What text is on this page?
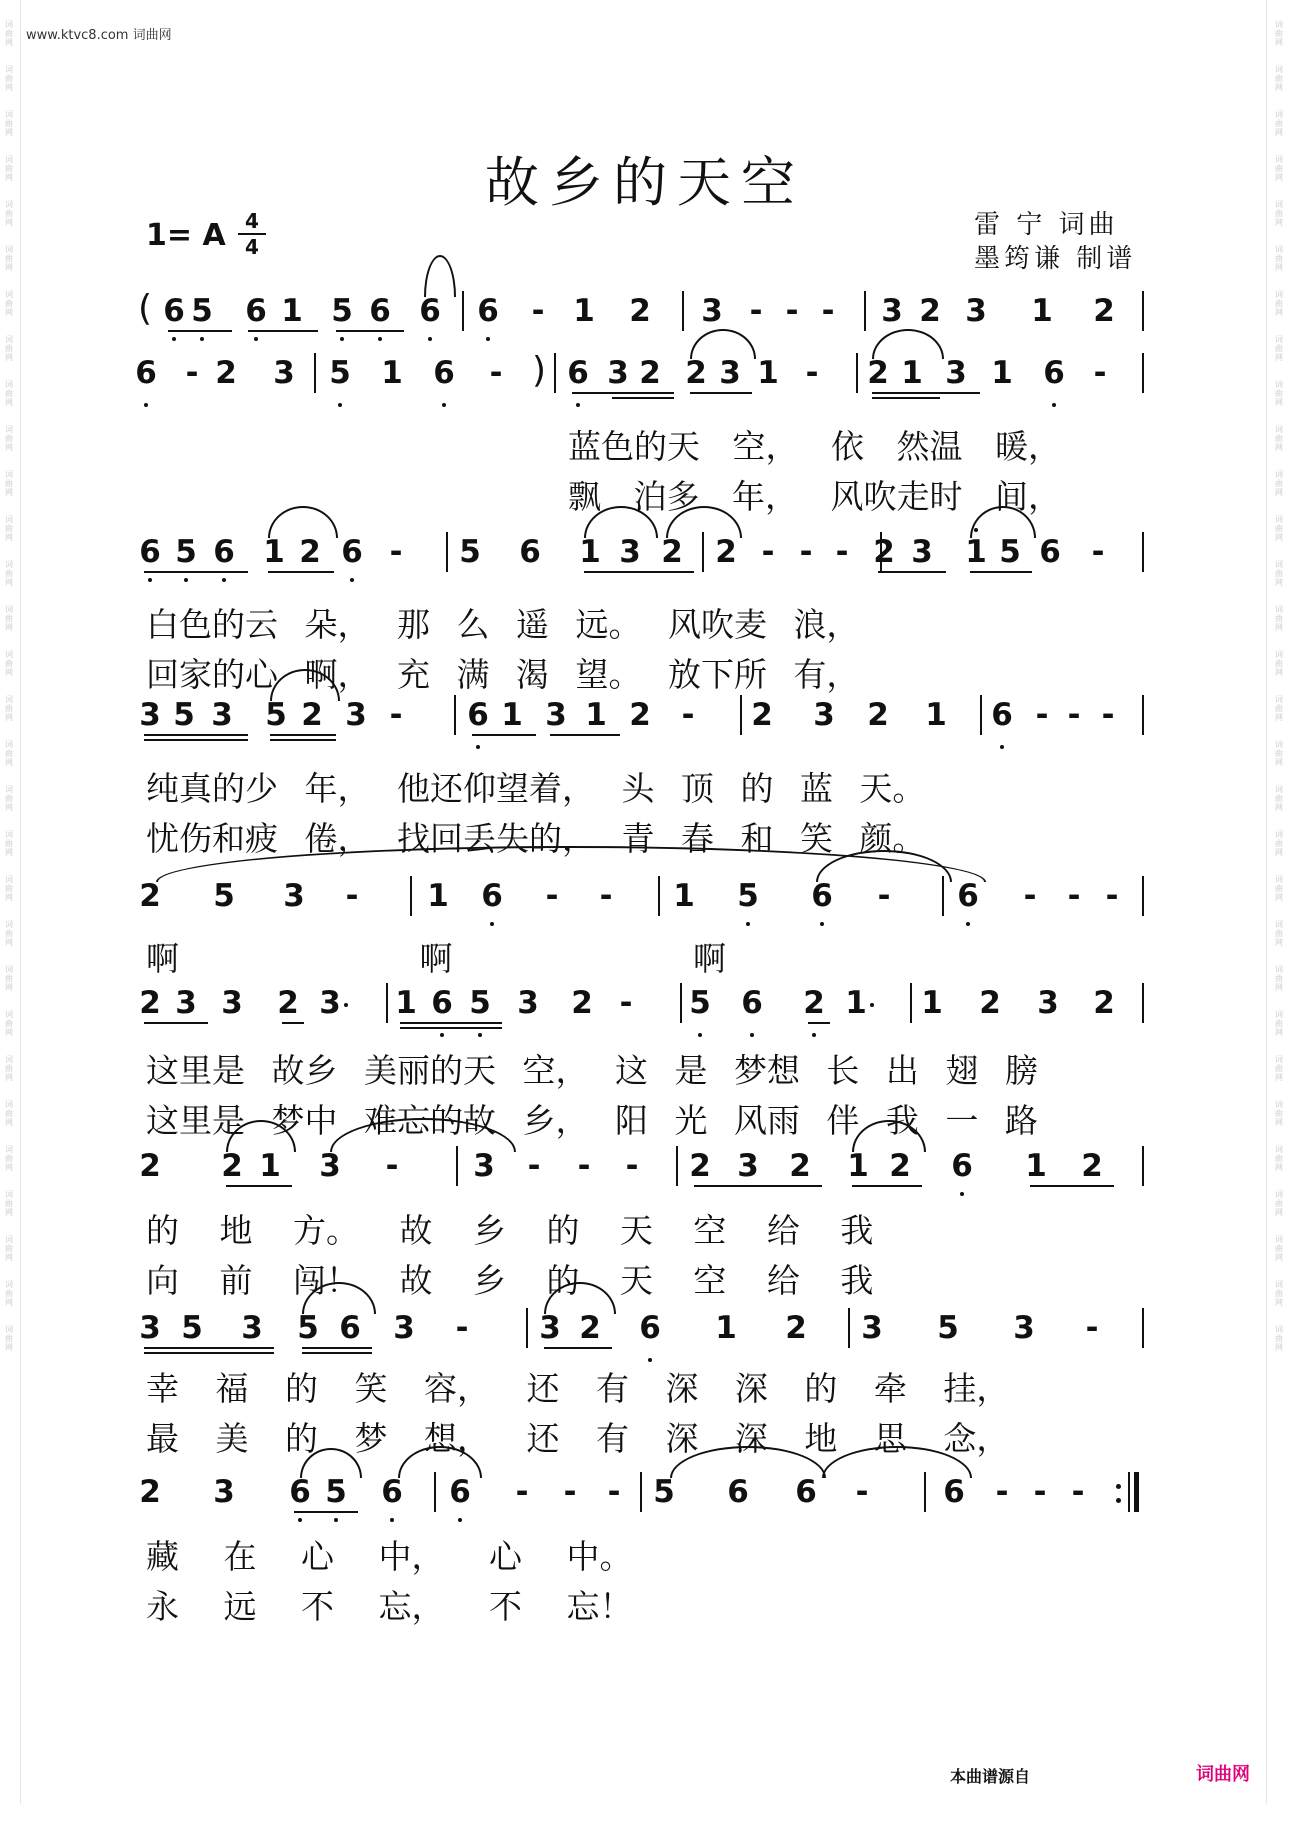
词曲网
词曲网
词曲网
词曲网
词曲网
词曲网
词曲网
词曲网
词曲网
词曲网
词曲网
词曲网
词曲网
词曲网
词曲网
词曲网
词曲网
词曲网
词曲网
词曲网
词曲网
词曲网
词曲网
词曲网
词曲网
词曲网
词曲网
词曲网
词曲网
词曲网
词曲网
词曲网
词曲网
词曲网
词曲网
词曲网
词曲网
词曲网
词曲网
词曲网
词曲网
词曲网
词曲网
词曲网
词曲网
词曲网
词曲网
词曲网
词曲网
词曲网
词曲网
词曲网
词曲网
词曲网
词曲网
词曲网
词曲网
词曲网
词曲网
词曲网
www.ktvc8.com 词曲网
故乡的天空
1= A 4
4
雷 宁 词曲
墨筠谦 制谱
( 6 5 6 1 5 6 6 6 - 1 2 3 - - - 3 2 3 1 2
6 - 2 3 5 1 6 - ) 6 3 2 2 3 1 - 2 1 3 1 6 -
6 5 6 1 2 6 - 5 6 1 3 2 2 - - - 2 3 1 5 6 -
3 5 3 5 2 3 - 6 1 3 1 2 - 2 3 2 1 6 - - -
2 5 3 - 1 6 - - 1 5 6 - 6 - - -
2 3 3 2 3 1 6 5 3 2 - 5 6 2 1 1 2 3 2
2 2 1 3 - 3 - - - 2 3 2 1 2 6 1 2
3 5 3 5 6 3 - 3 2 6 1 2 3 5 3 -
2 3 6 5 6 6 - - - 5 6 6 - 6 - - -
蓝色的天 空， 依 然温 暖，
飘 泊多 年， 风吹走时 间，
白色的云 朵， 那 么 遥 远。 风吹麦 浪，
回家的心 啊， 充 满 渴 望。 放下所 有，
纯真的少 年， 他还仰望着， 头 顶 的 蓝 天。
忧伤和疲 倦， 找回丢失的， 青 春 和 笑 颜。
啊 啊 啊
这里是 故乡 美丽的天 空， 这 是 梦想 长 出 翅 膀
这里是 梦中 难忘的故 乡， 阳 光 风雨 伴 我 一 路
的 地 方。 故 乡 的 天 空 给 我
向 前 闯！ 故 乡 的 天 空 给 我
幸 福 的 笑 容， 还 有 深 深 的 牵 挂，
最 美 的 梦 想， 还 有 深 深 地 思 念，
藏 在 心 中， 心 中。
永 远 不 忘， 不 忘！
本曲谱源自	词曲网
